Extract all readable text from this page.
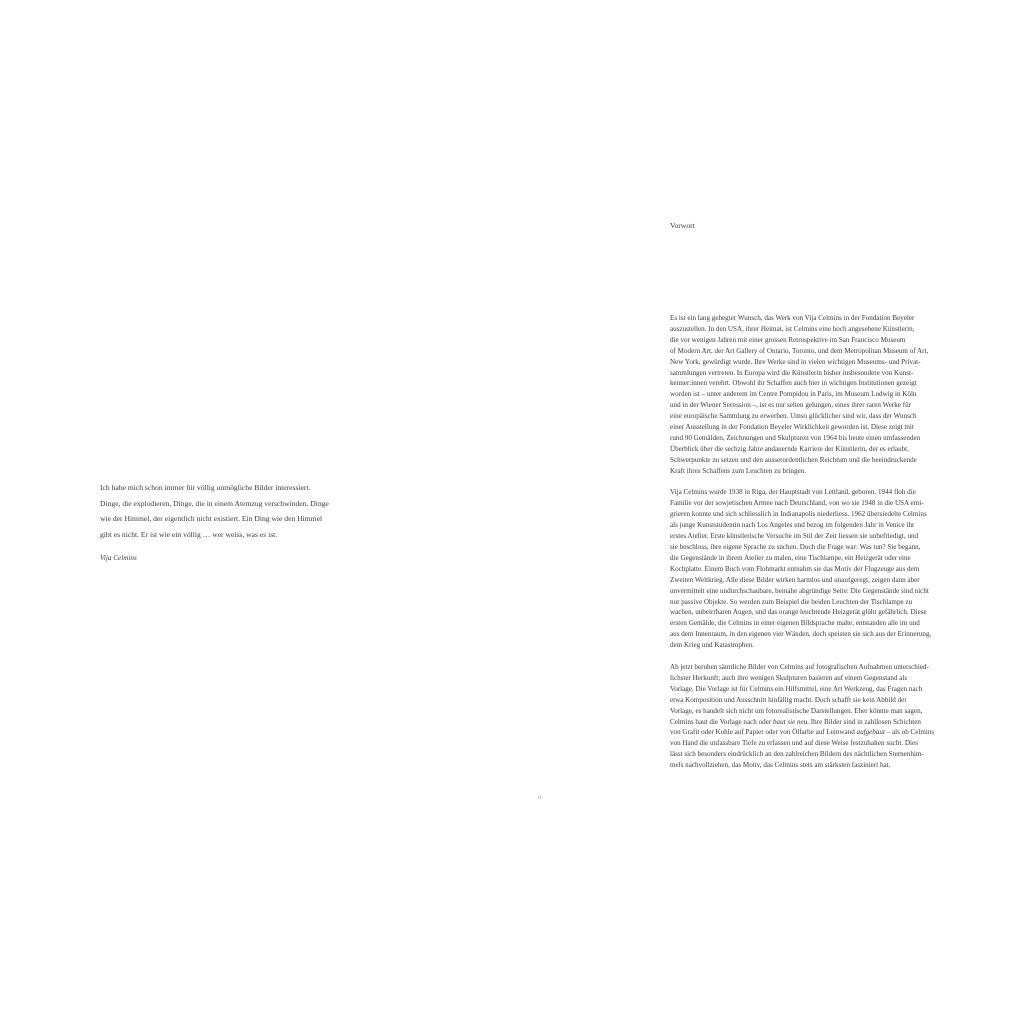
Ich habe mich schon immer für völlig unmögliche Bilder interessiert.
Dinge, die explodieren, Dinge, die in einem Atemzug verschwinden. Dinge
wie der Himmel, der eigentlich nicht existiert. Ein Ding wie den Himmel
gibt es nicht. Er ist wie ein völlig … wer weiss, was es ist.

Vija Celmins

11
Vorwort

Es ist ein lang gehegter Wunsch, das Werk von Vija Celmins in der Fondation Beyeler
auszustellen. In den USA, ihrer Heimat, ist Celmins eine hoch angesehene Künstlerin,
die vor wenigen Jahren mit einer grossen Retrospektive im San Francisco Museum
of Modern Art, der Art Gallery of Ontario, Toronto, und dem Metropolitan Museum of Art,
New York, gewürdigt wurde. Ihre Werke sind in vielen wichtigen Museums- und Privat-
sammlungen vertreten. In Europa wird die Künstlerin bisher insbesondere von Kunst-
kenner:innen verehrt. Obwohl ihr Schaffen auch hier in wichtigen Institutionen gezeigt
worden ist – unter anderem im Centre Pompidou in Paris, im Museum Ludwig in Köln
und in der Wiener Secession –, ist es nur selten gelungen, eines ihrer raren Werke für
eine europäische Sammlung zu erwerben. Umso glücklicher sind wir, dass der Wunsch
einer Ausstellung in der Fondation Beyeler Wirklichkeit geworden ist. Diese zeigt mit
rund 90 Gemälden, Zeichnungen und Skulpturen von 1964 bis heute einen umfassenden
Überblick über die sechzig Jahre andauernde Karriere der Künstlerin, der es erlaubt,
Schwerpunkte zu setzen und den ausserordentlichen Reichtum und die beeindruckende
Kraft ihres Schaffens zum Leuchten zu bringen.

Vija Celmins wurde 1938 in Riga, der Hauptstadt von Lettland, geboren. 1944 floh die
Familie vor der sowjetischen Armee nach Deutschland, von wo sie 1948 in die USA emi-
grieren konnte und sich schliesslich in Indianapolis niederliess. 1962 übersiedelte Celmins
als junge Kunststudentin nach Los Angeles und bezog im folgenden Jahr in Venice ihr
erstes Atelier. Erste künstlerische Versuche im Stil der Zeit liessen sie unbefriedigt, und
sie beschloss, ihre eigene Sprache zu suchen. Doch die Frage war: Was tun? Sie begann,
die Gegenstände in ihrem Atelier zu malen, eine Tischlampe, ein Heizgerät oder eine
Kochplatte. Einem Buch vom Flohmarkt entnahm sie das Motiv der Flugzeuge aus dem
Zweiten Weltkrieg. Alle diese Bilder wirken harmlos und unaufgeregt, zeigen dann aber
unvermittelt eine undurchschaubare, beinahe abgründige Seite: Die Gegenstände sind nicht
nur passive Objekte. So werden zum Beispiel die beiden Leuchten der Tischlampe zu
wachen, unbeirrbaren Augen, und das orange leuchtende Heizgerät glüht gefährlich. Diese
ersten Gemälde, die Celmins in einer eigenen Bildsprache malte, entstanden alle im und
aus dem Innenraum, in den eigenen vier Wänden, doch speisten sie sich aus der Erinnerung,
dem Krieg und Katastrophen.

Ab jetzt beruhen sämtliche Bilder von Celmins auf fotografischen Aufnahmen unterschied-
lichster Herkunft; auch ihre wenigen Skulpturen basieren auf einem Gegenstand als
Vorlage. Die Vorlage ist für Celmins ein Hilfsmittel, eine Art Werkzeug, das Fragen nach
etwa Komposition und Ausschnitt hinfällig macht. Doch schafft sie kein Abbild der
Vorlage, es handelt sich nicht um fotorealistische Darstellungen. Eher könnte man sagen,
Celmins baut die Vorlage nach oder baut sie neu. Ihre Bilder sind in zahllosen Schichten
von Grafit oder Kohle auf Papier oder von Ölfarbe auf Leinwand aufgebaut – als ob Celmins
von Hand die unfassbare Tiefe zu erfassen und auf diese Weise festzuhalten sucht. Dies
lässt sich besonders eindrücklich an den zahlreichen Bildern des nächtlichen Sternenhim-
mels nachvollziehen, das Motiv, das Celmins stets am stärksten fasziniert hat.
